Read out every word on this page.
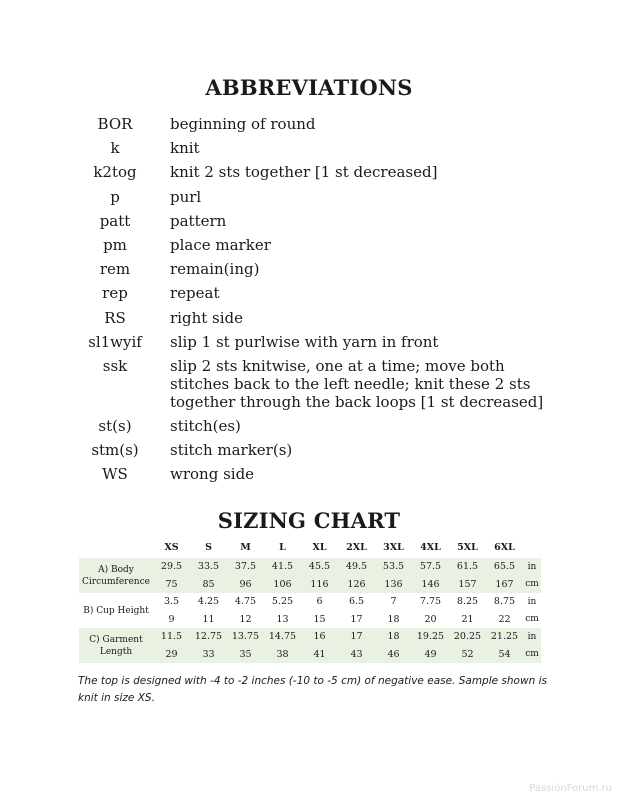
ABBREVIATIONS
BOR	beginning of round
k	knit
k2tog	knit 2 sts together [1 st decreased]
p	purl
patt	pattern
pm	place marker
rem	remain(ing)
rep	repeat
RS	right side
sl1wyif	slip 1 st purlwise with yarn in front
ssk	slip 2 sts knitwise, one at a time; move both stitches back to the left needle; knit these 2 sts together through the back loops [1 st decreased]
st(s)	stitch(es)
stm(s)	stitch marker(s)
WS	wrong side
SIZING CHART
	XS	S	M	L	XL	2XL	3XL	4XL	5XL	6XL	
A) Body Circumference	29.5	33.5	37.5	41.5	45.5	49.5	53.5	57.5	61.5	65.5	in
	75	85	96	106	116	126	136	146	157	167	cm
B) Cup Height	3.5	4.25	4.75	5.25	6	6.5	7	7.75	8.25	8.75	in
	9	11	12	13	15	17	18	20	21	22	cm
C) Garment Length	11.5	12.75	13.75	14.75	16	17	18	19.25	20.25	21.25	in
	29	33	35	38	41	43	46	49	52	54	cm

The top is designed with -4 to -2 inches (-10 to -5 cm) of negative ease. Sample shown is knit in size XS.

PassionForum.ru
